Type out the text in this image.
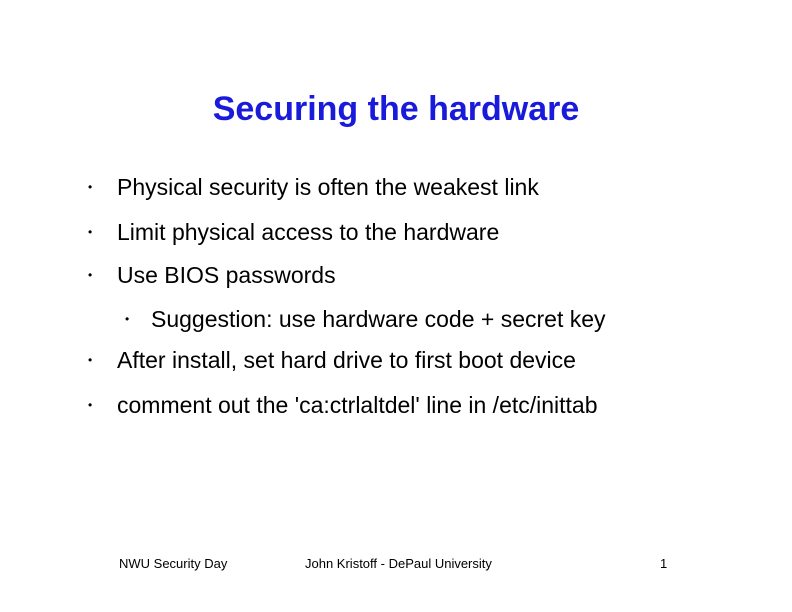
Securing the hardware
• Physical security is often the weakest link
• Limit physical access to the hardware
• Use BIOS passwords
• Suggestion: use hardware code + secret key
• After install, set hard drive to first boot device
• comment out the 'ca:ctrlaltdel' line in /etc/inittab
NWU Security Day	John Kristoff - DePaul University	1
